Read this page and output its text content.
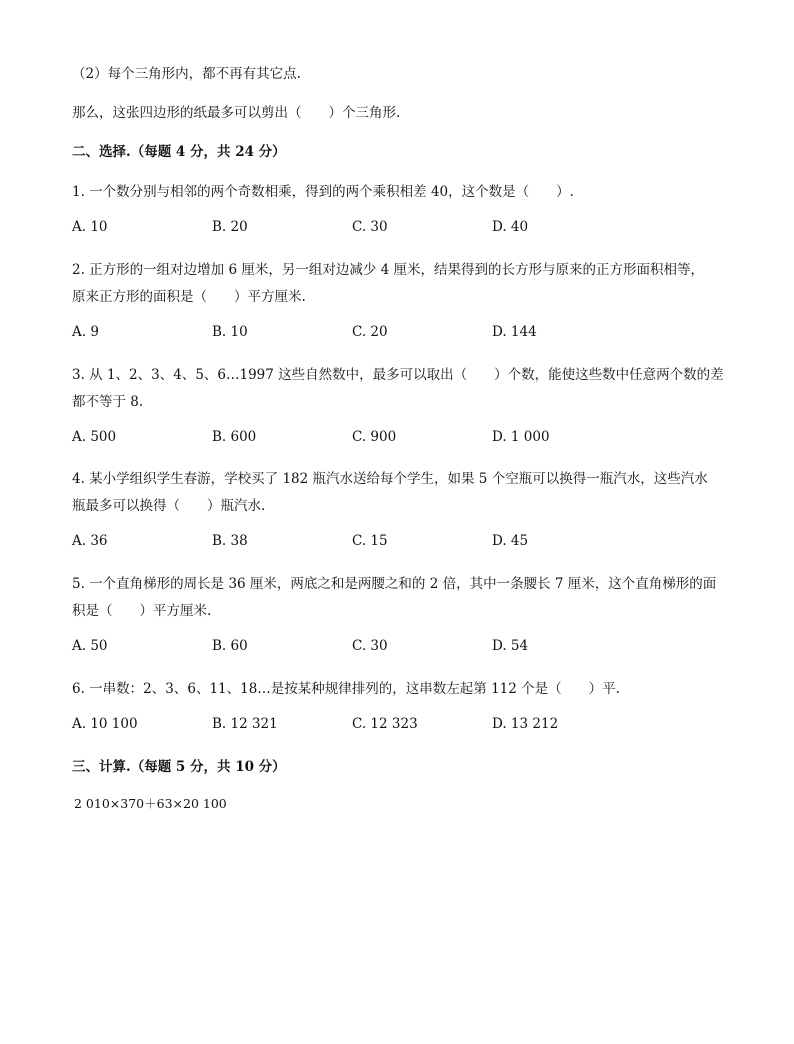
（2）每个三角形内，都不再有其它点.
那么，这张四边形的纸最多可以剪出（　　）个三角形.
二、选择.（每题 4 分，共 24 分）
1. 一个数分别与相邻的两个奇数相乘，得到的两个乘积相差 40，这个数是（　　）.
A. 10	B. 20	C. 30	D. 40
2. 正方形的一组对边增加 6 厘米，另一组对边减少 4 厘米，结果得到的长方形与原来的正方形面积相等，
原来正方形的面积是（　　）平方厘米.
A. 9	B. 10	C. 20	D. 144
3. 从 1、2、3、4、5、6…1997 这些自然数中，最多可以取出（　　）个数，能使这些数中任意两个数的差
都不等于 8.
A. 500	B. 600	C. 900	D. 1 000
4. 某小学组织学生春游，学校买了 182 瓶汽水送给每个学生，如果 5 个空瓶可以换得一瓶汽水，这些汽水
瓶最多可以换得（　　）瓶汽水.
A. 36	B. 38	C. 15	D. 45
5. 一个直角梯形的周长是 36 厘米，两底之和是两腰之和的 2 倍，其中一条腰长 7 厘米，这个直角梯形的面
积是（　　）平方厘米.
A. 50	B. 60	C. 30	D. 54
6. 一串数：2、3、6、11、18…是按某种规律排列的，这串数左起第 112 个是（　　）平.
A. 10 100	B. 12 321	C. 12 323	D. 13 212
三、计算.（每题 5 分，共 10 分）
2 010×370＋63×20 100
